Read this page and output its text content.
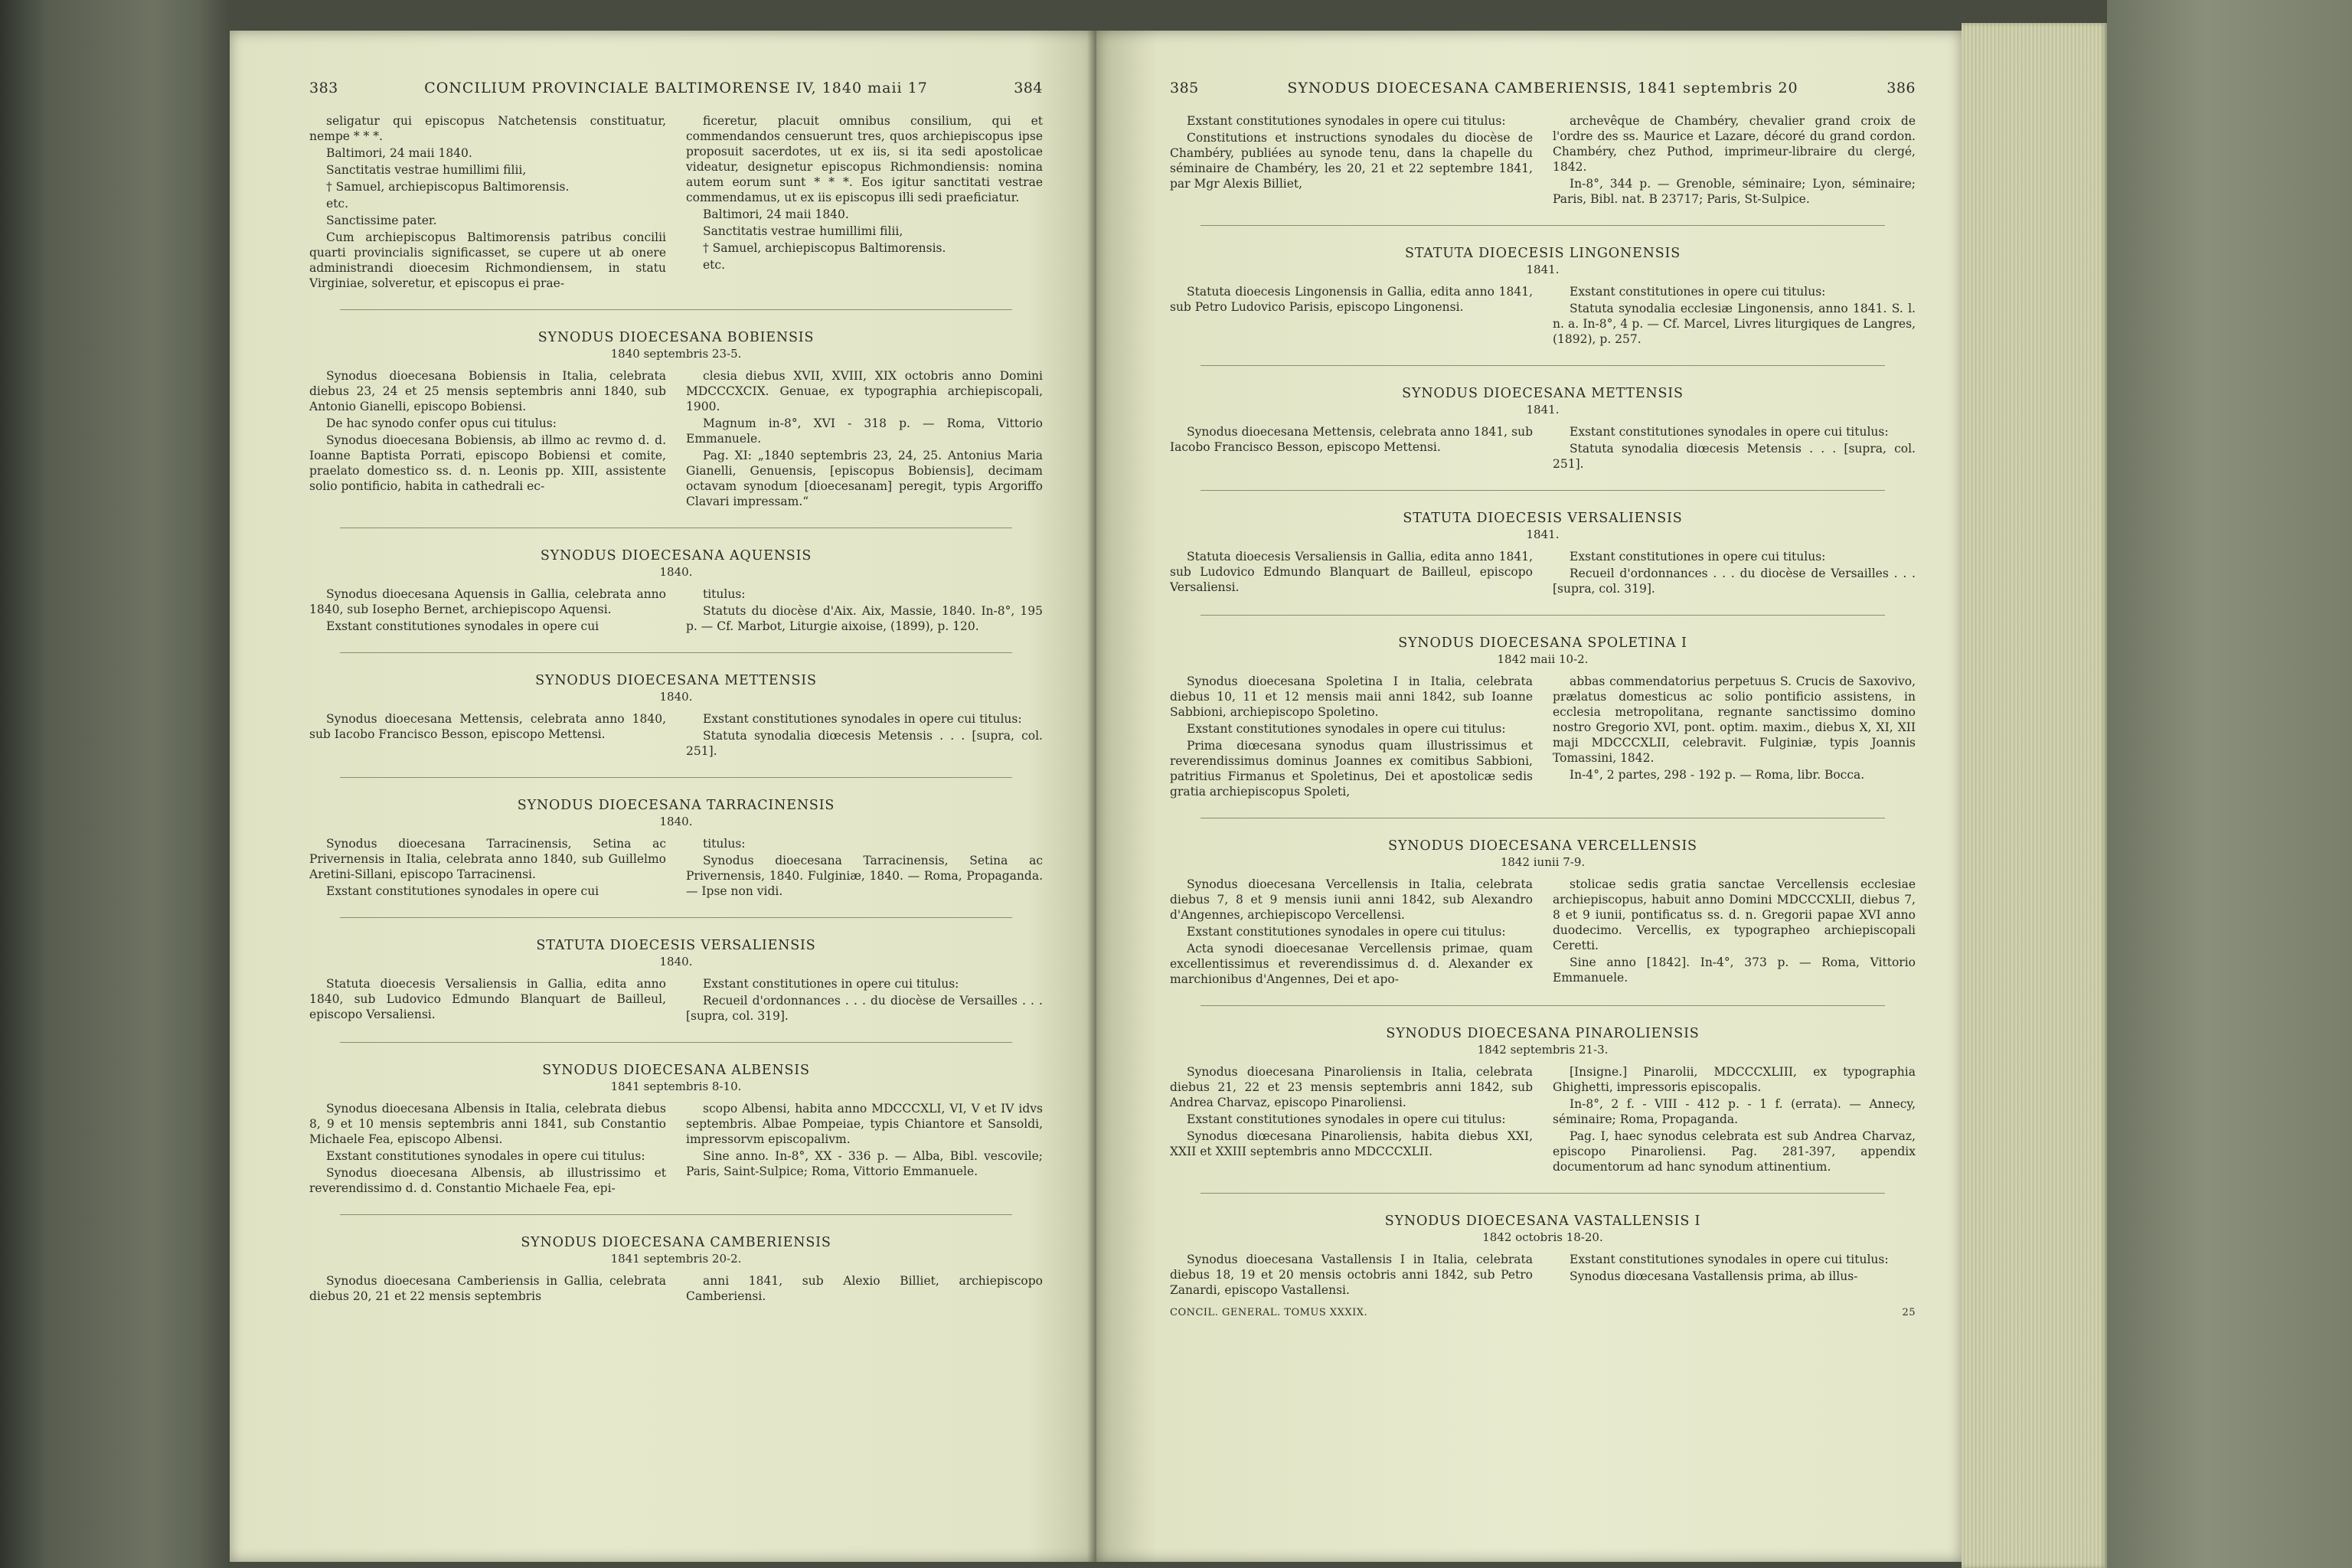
383	CONCILIUM PROVINCIALE BALTIMORENSE IV, 1840 maii 17	384

seligatur qui episcopus Natchetensis constituatur, nempe * * *.

Baltimori, 24 maii 1840.

Sanctitatis vestrae humillimi filii,

† Samuel, archiepiscopus Baltimorensis.

etc.

Sanctissime pater.

Cum archiepiscopus Baltimorensis patribus concilii quarti provincialis significasset, se cupere ut ab onere administrandi dioecesim Richmondiensem, in statu Virginiae, solveretur, et episcopus ei prae-

ficeretur, placuit omnibus consilium, qui et commendandos censuerunt tres, quos archiepiscopus ipse proposuit sacerdotes, ut ex iis, si ita sedi apostolicae videatur, designetur episcopus Richmondiensis: nomina autem eorum sunt * * *. Eos igitur sanctitati vestrae commendamus, ut ex iis episcopus illi sedi praeficiatur.

Baltimori, 24 maii 1840.

Sanctitatis vestrae humillimi filii,

† Samuel, archiepiscopus Baltimorensis.

etc.

SYNODUS DIOECESANA BOBIENSIS
1840 septembris 23-5.

Synodus dioecesana Bobiensis in Italia, celebrata diebus 23, 24 et 25 mensis septembris anni 1840, sub Antonio Gianelli, episcopo Bobiensi.

De hac synodo confer opus cui titulus:

Synodus dioecesana Bobiensis, ab illmo ac revmo d. d. Ioanne Baptista Porrati, episcopo Bobiensi et comite, praelato domestico ss. d. n. Leonis pp. XIII, assistente solio pontificio, habita in cathedrali ec-

clesia diebus XVII, XVIII, XIX octobris anno Domini MDCCCXCIX. Genuae, ex typographia archiepiscopali, 1900.

Magnum in-8°, XVI - 318 p. — Roma, Vittorio Emmanuele.

Pag. XI: „1840 septembris 23, 24, 25. Antonius Maria Gianelli, Genuensis, [episcopus Bobiensis], decimam octavam synodum [dioecesanam] peregit, typis Argoriffo Clavari impressam.“

SYNODUS DIOECESANA AQUENSIS
1840.

Synodus dioecesana Aquensis in Gallia, celebrata anno 1840, sub Iosepho Bernet, archiepiscopo Aquensi.

Exstant constitutiones synodales in opere cui

titulus:

Statuts du diocèse d'Aix. Aix, Massie, 1840. In-8°, 195 p. — Cf. Marbot, Liturgie aixoise, (1899), p. 120.

SYNODUS DIOECESANA METTENSIS
1840.

Synodus dioecesana Mettensis, celebrata anno 1840, sub Iacobo Francisco Besson, episcopo Mettensi.

Exstant constitutiones synodales in opere cui titulus:

Statuta synodalia diœcesis Metensis . . . [supra, col. 251].

SYNODUS DIOECESANA TARRACINENSIS
1840.

Synodus dioecesana Tarracinensis, Setina ac Privernensis in Italia, celebrata anno 1840, sub Guillelmo Aretini-Sillani, episcopo Tarracinensi.

Exstant constitutiones synodales in opere cui

titulus:

Synodus dioecesana Tarracinensis, Setina ac Privernensis, 1840. Fulginiæ, 1840. — Roma, Propaganda. — Ipse non vidi.

STATUTA DIOECESIS VERSALIENSIS
1840.

Statuta dioecesis Versaliensis in Gallia, edita anno 1840, sub Ludovico Edmundo Blanquart de Bailleul, episcopo Versaliensi.

Exstant constitutiones in opere cui titulus:

Recueil d'ordonnances . . . du diocèse de Versailles . . . [supra, col. 319].

SYNODUS DIOECESANA ALBENSIS
1841 septembris 8-10.

Synodus dioecesana Albensis in Italia, celebrata diebus 8, 9 et 10 mensis septembris anni 1841, sub Constantio Michaele Fea, episcopo Albensi.

Exstant constitutiones synodales in opere cui titulus:

Synodus dioecesana Albensis, ab illustrissimo et reverendissimo d. d. Constantio Michaele Fea, epi-

scopo Albensi, habita anno MDCCCXLI, VI, V et IV idvs septembris. Albae Pompeiae, typis Chiantore et Sansoldi, impressorvm episcopalivm.

Sine anno. In-8°, XX - 336 p. — Alba, Bibl. vescovile; Paris, Saint-Sulpice; Roma, Vittorio Emmanuele.

SYNODUS DIOECESANA CAMBERIENSIS
1841 septembris 20-2.

Synodus dioecesana Camberiensis in Gallia, celebrata diebus 20, 21 et 22 mensis septembris

anni 1841, sub Alexio Billiet, archiepiscopo Camberiensi.

385	SYNODUS DIOECESANA CAMBERIENSIS, 1841 septembris 20	386

Exstant constitutiones synodales in opere cui titulus:

Constitutions et instructions synodales du diocèse de Chambéry, publiées au synode tenu, dans la chapelle du séminaire de Chambéry, les 20, 21 et 22 septembre 1841, par Mgr Alexis Billiet,

archevêque de Chambéry, chevalier grand croix de l'ordre des ss. Maurice et Lazare, décoré du grand cordon. Chambéry, chez Puthod, imprimeur-libraire du clergé, 1842.

In-8°, 344 p. — Grenoble, séminaire; Lyon, séminaire; Paris, Bibl. nat. B 23717; Paris, St-Sulpice.

STATUTA DIOECESIS LINGONENSIS
1841.

Statuta dioecesis Lingonensis in Gallia, edita anno 1841, sub Petro Ludovico Parisis, episcopo Lingonensi.

Exstant constitutiones in opere cui titulus:

Statuta synodalia ecclesiæ Lingonensis, anno 1841. S. l. n. a. In-8°, 4 p. — Cf. Marcel, Livres liturgiques de Langres, (1892), p. 257.

SYNODUS DIOECESANA METTENSIS
1841.

Synodus dioecesana Mettensis, celebrata anno 1841, sub Iacobo Francisco Besson, episcopo Mettensi.

Exstant constitutiones synodales in opere cui titulus:

Statuta synodalia diœcesis Metensis . . . [supra, col. 251].

STATUTA DIOECESIS VERSALIENSIS
1841.

Statuta dioecesis Versaliensis in Gallia, edita anno 1841, sub Ludovico Edmundo Blanquart de Bailleul, episcopo Versaliensi.

Exstant constitutiones in opere cui titulus:

Recueil d'ordonnances . . . du diocèse de Versailles . . . [supra, col. 319].

SYNODUS DIOECESANA SPOLETINA I
1842 maii 10-2.

Synodus dioecesana Spoletina I in Italia, celebrata diebus 10, 11 et 12 mensis maii anni 1842, sub Ioanne Sabbioni, archiepiscopo Spoletino.

Exstant constitutiones synodales in opere cui titulus:

Prima diœcesana synodus quam illustrissimus et reverendissimus dominus Joannes ex comitibus Sabbioni, patritius Firmanus et Spoletinus, Dei et apostolicæ sedis gratia archiepiscopus Spoleti,

abbas commendatorius perpetuus S. Crucis de Saxovivo, prælatus domesticus ac solio pontificio assistens, in ecclesia metropolitana, regnante sanctissimo domino nostro Gregorio XVI, pont. optim. maxim., diebus X, XI, XII maji MDCCCXLII, celebravit. Fulginiæ, typis Joannis Tomassini, 1842.

In-4°, 2 partes, 298 - 192 p. — Roma, libr. Bocca.

SYNODUS DIOECESANA VERCELLENSIS
1842 iunii 7-9.

Synodus dioecesana Vercellensis in Italia, celebrata diebus 7, 8 et 9 mensis iunii anni 1842, sub Alexandro d'Angennes, archiepiscopo Vercellensi.

Exstant constitutiones synodales in opere cui titulus:

Acta synodi dioecesanae Vercellensis primae, quam excellentissimus et reverendissimus d. d. Alexander ex marchionibus d'Angennes, Dei et apo-

stolicae sedis gratia sanctae Vercellensis ecclesiae archiepiscopus, habuit anno Domini MDCCCXLII, diebus 7, 8 et 9 iunii, pontificatus ss. d. n. Gregorii papae XVI anno duodecimo. Vercellis, ex typographeo archiepiscopali Ceretti.

Sine anno [1842]. In-4°, 373 p. — Roma, Vittorio Emmanuele.

SYNODUS DIOECESANA PINAROLIENSIS
1842 septembris 21-3.

Synodus dioecesana Pinaroliensis in Italia, celebrata diebus 21, 22 et 23 mensis septembris anni 1842, sub Andrea Charvaz, episcopo Pinaroliensi.

Exstant constitutiones synodales in opere cui titulus:

Synodus diœcesana Pinaroliensis, habita diebus XXI, XXII et XXIII septembris anno MDCCCXLII.

[Insigne.] Pinarolii, MDCCCXLIII, ex typographia Ghighetti, impressoris episcopalis.

In-8°, 2 f. - VIII - 412 p. - 1 f. (errata). — Annecy, séminaire; Roma, Propaganda.

Pag. I, haec synodus celebrata est sub Andrea Charvaz, episcopo Pinaroliensi. Pag. 281-397, appendix documentorum ad hanc synodum attinentium.

SYNODUS DIOECESANA VASTALLENSIS I
1842 octobris 18-20.

Synodus dioecesana Vastallensis I in Italia, celebrata diebus 18, 19 et 20 mensis octobris anni 1842, sub Petro Zanardi, episcopo Vastallensi.

Exstant constitutiones synodales in opere cui titulus:

Synodus diœcesana Vastallensis prima, ab illus-

CONCIL. GENERAL. TOMUS XXXIX.	25
